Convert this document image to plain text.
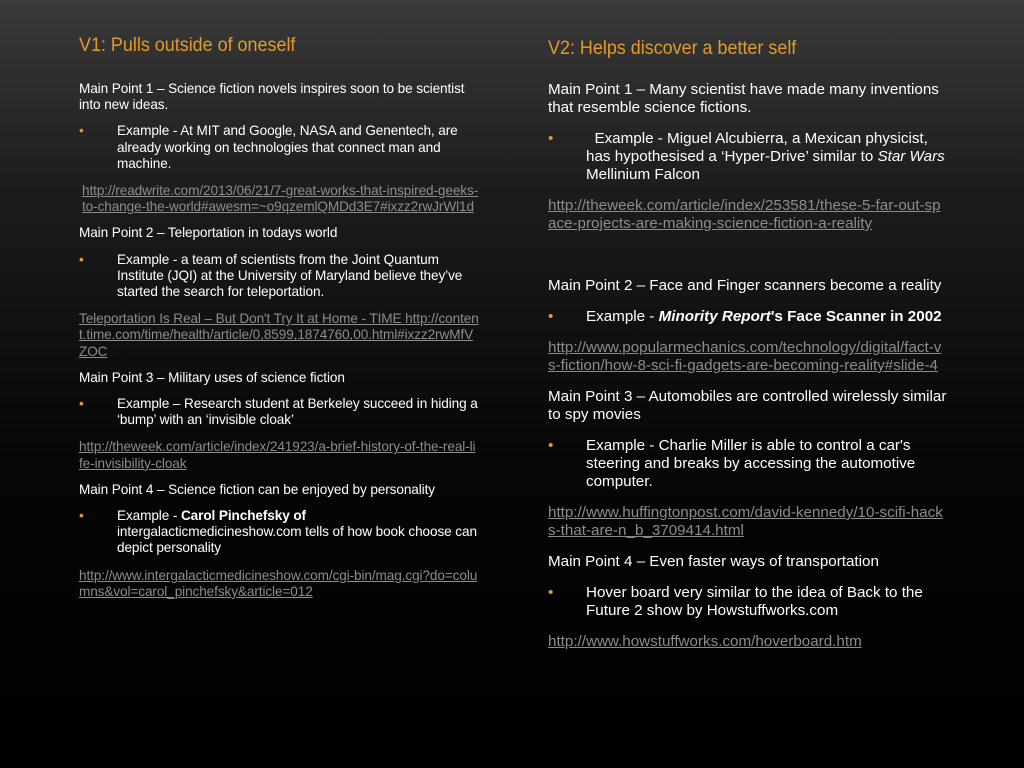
V1: Pulls outside of oneself

Main Point 1 – Science fiction novels inspires soon to be scientist into new ideas.

• Example - At MIT and Google, NASA and Genentech, are already working on technologies that connect man and machine.

http://readwrite.com/2013/06/21/7-great-works-that-inspired-geeks-to-change-the-world#awesm=~o9qzemlQMDd3E7#ixzz2rwJrWl1d

Main Point 2 – Teleportation in todays world

• Example - a team of scientists from the Joint Quantum Institute (JQI) at the University of Maryland believe they’ve started the search for teleportation.

Teleportation Is Real – But Don't Try It at Home - TIME http://content.time.com/time/health/article/0,8599,1874760,00.html#ixzz2rwMfVZOC

Main Point 3 – Military uses of science fiction

• Example – Research student at Berkeley succeed in hiding a ‘bump’ with an ‘invisible cloak’

http://theweek.com/article/index/241923/a-brief-history-of-the-real-life-invisibility-cloak

Main Point 4 – Science fiction can be enjoyed by personality

• Example - Carol Pinchefsky of intergalacticmedicineshow.com tells of how book choose can depict personality

http://www.intergalacticmedicineshow.com/cgi-bin/mag.cgi?do=columns&vol=carol_pinchefsky&article=012

V2: Helps discover a better self

Main Point 1 – Many scientist have made many inventions that resemble science fictions.

• Example - Miguel Alcubierra, a Mexican physicist, has hypothesised a ‘Hyper-Drive’ similar to Star Wars Mellinium Falcon

http://theweek.com/article/index/253581/these-5-far-out-space-projects-are-making-science-fiction-a-reality

Main Point 2 – Face and Finger scanners become a reality

• Example - Minority Report's Face Scanner in 2002

http://www.popularmechanics.com/technology/digital/fact-vs-fiction/how-8-sci-fi-gadgets-are-becoming-reality#slide-4

Main Point 3 – Automobiles are controlled wirelessly similar to spy movies

• Example - Charlie Miller is able to control a car's steering and breaks by accessing the automotive computer.

http://www.huffingtonpost.com/david-kennedy/10-scifi-hacks-that-are-n_b_3709414.html

Main Point 4 – Even faster ways of transportation

• Hover board very similar to the idea of Back to the Future 2 show by Howstuffworks.com

http://www.howstuffworks.com/hoverboard.htm
